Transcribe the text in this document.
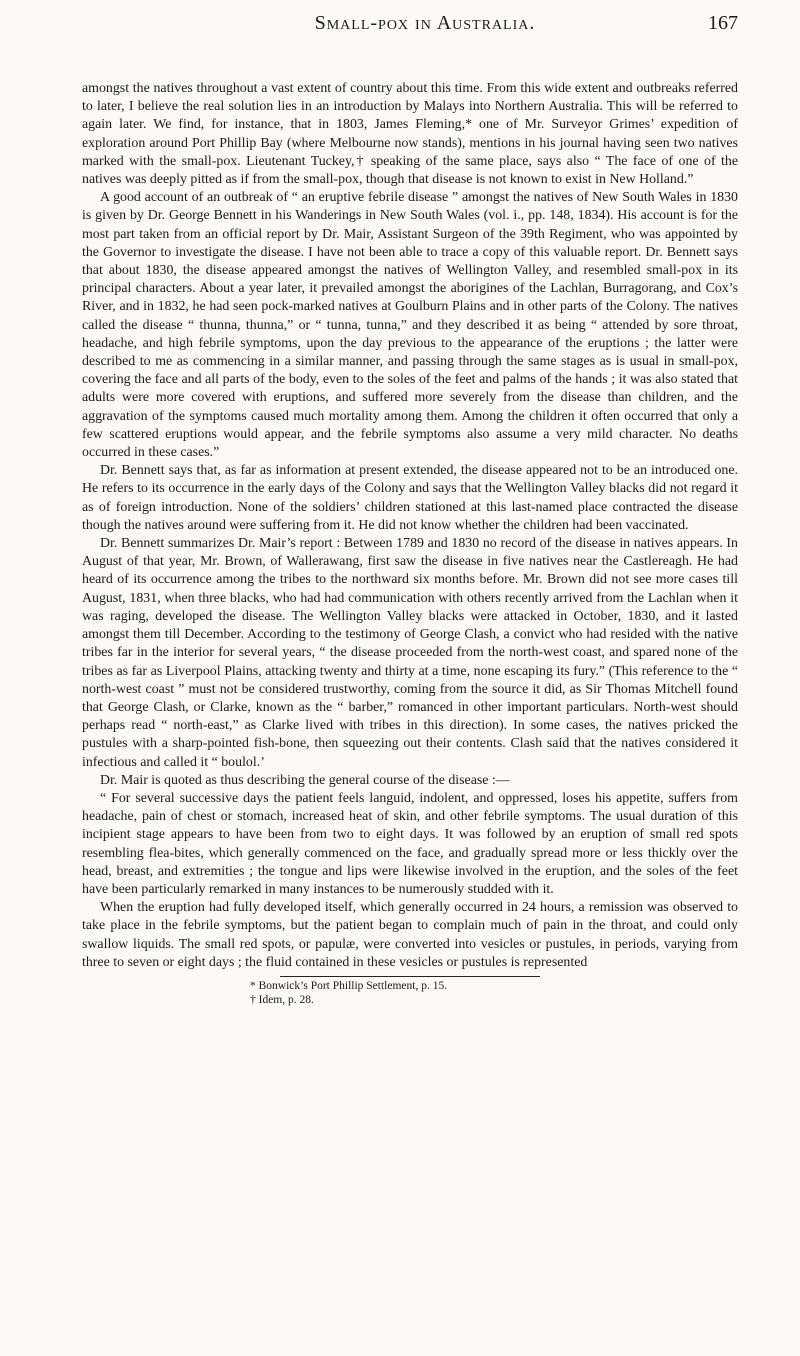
Small-pox in Australia.	167

amongst the natives throughout a vast extent of country about this time. From this wide extent and outbreaks referred to later, I believe the real solution lies in an introduction by Malays into Northern Australia. This will be referred to again later. We find, for instance, that in 1803, James Fleming,* one of Mr. Surveyor Grimes’ expedition of exploration around Port Phillip Bay (where Melbourne now stands), mentions in his journal having seen two natives marked with the small-pox. Lieutenant Tuckey,† speaking of the same place, says also “ The face of one of the natives was deeply pitted as if from the small-pox, though that disease is not known to exist in New Holland.”

A good account of an outbreak of “ an eruptive febrile disease ” amongst the natives of New South Wales in 1830 is given by Dr. George Bennett in his Wanderings in New South Wales (vol. i., pp. 148, 1834). His account is for the most part taken from an official report by Dr. Mair, Assistant Surgeon of the 39th Regiment, who was appointed by the Governor to investigate the disease. I have not been able to trace a copy of this valuable report. Dr. Bennett says that about 1830, the disease appeared amongst the natives of Wellington Valley, and resembled small-pox in its principal characters. About a year later, it prevailed amongst the aborigines of the Lachlan, Burragorang, and Cox’s River, and in 1832, he had seen pock-marked natives at Goulburn Plains and in other parts of the Colony. The natives called the disease “ thunna, thunna,” or “ tunna, tunna,” and they described it as being “ attended by sore throat, headache, and high febrile symptoms, upon the day previous to the appearance of the eruptions ; the latter were described to me as commencing in a similar manner, and passing through the same stages as is usual in small-pox, covering the face and all parts of the body, even to the soles of the feet and palms of the hands ; it was also stated that adults were more covered with eruptions, and suffered more severely from the disease than children, and the aggravation of the symptoms caused much mortality among them. Among the children it often occurred that only a few scattered eruptions would appear, and the febrile symptoms also assume a very mild character. No deaths occurred in these cases.”

Dr. Bennett says that, as far as information at present extended, the disease appeared not to be an introduced one. He refers to its occurrence in the early days of the Colony and says that the Wellington Valley blacks did not regard it as of foreign introduction. None of the soldiers’ children stationed at this last-named place contracted the disease though the natives around were suffering from it. He did not know whether the children had been vaccinated.

Dr. Bennett summarizes Dr. Mair’s report : Between 1789 and 1830 no record of the disease in natives appears. In August of that year, Mr. Brown, of Wallerawang, first saw the disease in five natives near the Castlereagh. He had heard of its occurrence among the tribes to the northward six months before. Mr. Brown did not see more cases till August, 1831, when three blacks, who had had communication with others recently arrived from the Lachlan when it was raging, developed the disease. The Wellington Valley blacks were attacked in October, 1830, and it lasted amongst them till December. According to the testimony of George Clash, a convict who had resided with the native tribes far in the interior for several years, “ the disease proceeded from the north-west coast, and spared none of the tribes as far as Liverpool Plains, attacking twenty and thirty at a time, none escaping its fury.” (This reference to the “ north-west coast ” must not be considered trustworthy, coming from the source it did, as Sir Thomas Mitchell found that George Clash, or Clarke, known as the “ barber,” romanced in other important particulars. North-west should perhaps read “ north-east,” as Clarke lived with tribes in this direction). In some cases, the natives pricked the pustules with a sharp-pointed fish-bone, then squeezing out their contents. Clash said that the natives considered it infectious and called it “ boulol.’

Dr. Mair is quoted as thus describing the general course of the disease :—

“ For several successive days the patient feels languid, indolent, and oppressed, loses his appetite, suffers from headache, pain of chest or stomach, increased heat of skin, and other febrile symptoms. The usual duration of this incipient stage appears to have been from two to eight days. It was followed by an eruption of small red spots resembling flea-bites, which generally commenced on the face, and gradually spread more or less thickly over the head, breast, and extremities ; the tongue and lips were likewise involved in the eruption, and the soles of the feet have been particularly remarked in many instances to be numerously studded with it.

When the eruption had fully developed itself, which generally occurred in 24 hours, a remission was observed to take place in the febrile symptoms, but the patient began to complain much of pain in the throat, and could only swallow liquids. The small red spots, or papulæ, were converted into vesicles or pustules, in periods, varying from three to seven or eight days ; the fluid contained in these vesicles or pustules is represented

* Bonwick’s Port Phillip Settlement, p. 15.
† Idem, p. 28.
